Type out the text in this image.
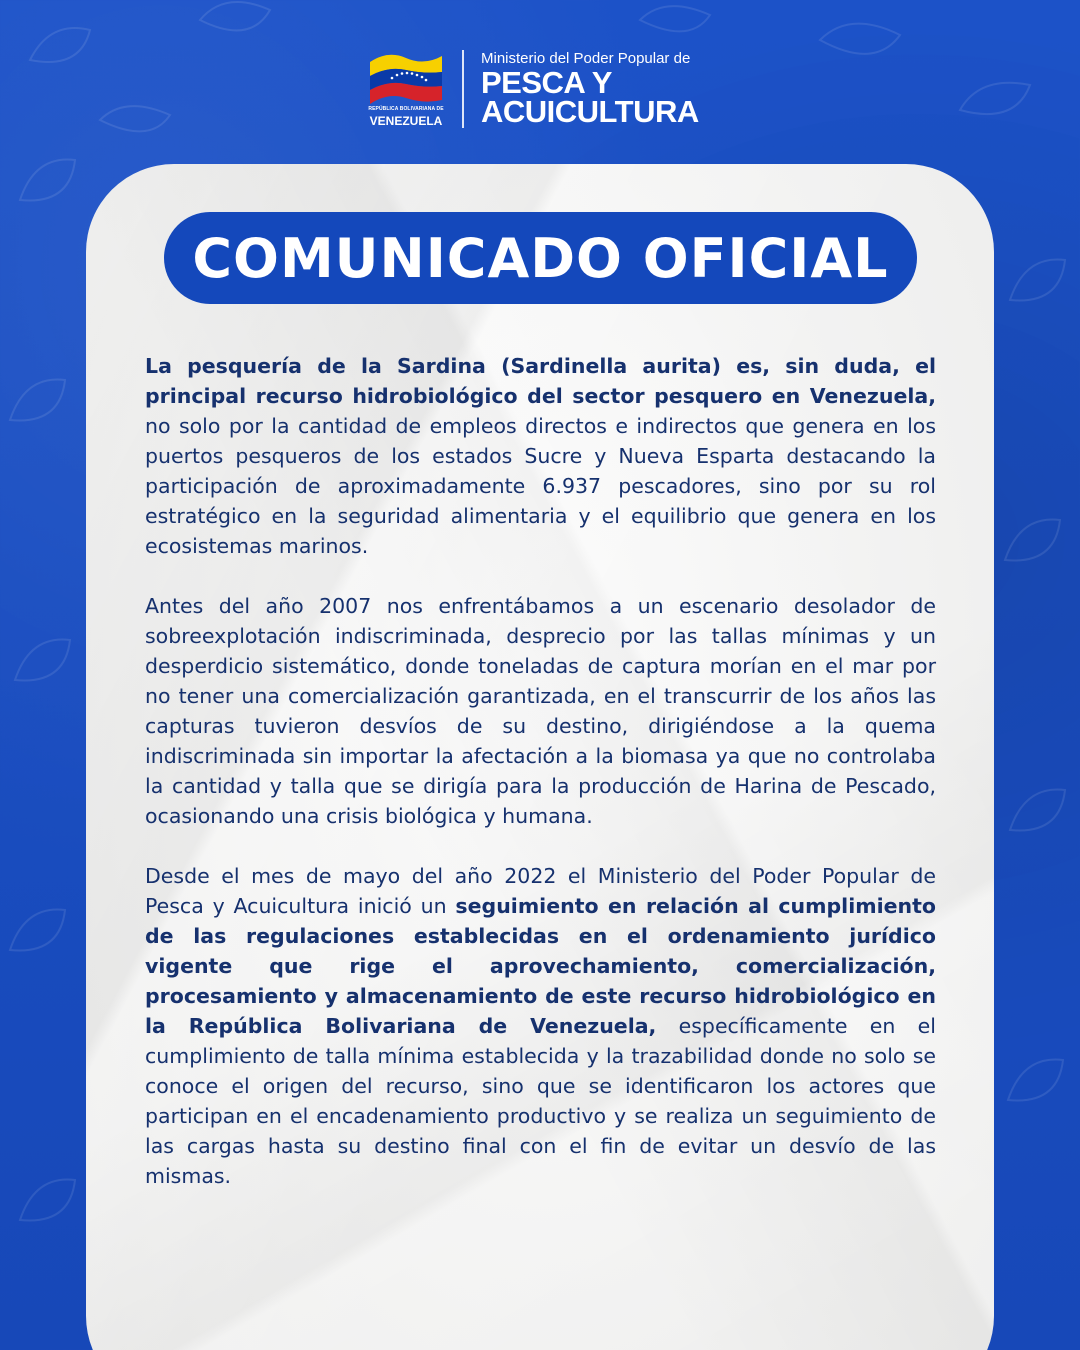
REPÚBLICA BOLIVARIANA DE
VENEZUELA
Ministerio del Poder Popular de
PESCA Y
ACUICULTURA
COMUNICADO OFICIAL

La pesquería de la Sardina (Sardinella aurita) es, sin duda, el principal recurso hidrobiológico del sector pesquero en Venezuela, no solo por la cantidad de empleos directos e indirectos que genera en los puertos pesqueros de los estados Sucre y Nueva Esparta destacando la participación de aproximadamente 6.937 pescadores, sino por su rol estratégico en la seguridad alimentaria y el equilibrio que genera en los ecosistemas marinos.

Antes del año 2007 nos enfrentábamos a un escenario desolador de sobreexplotación indiscriminada, desprecio por las tallas mínimas y un desperdicio sistemático, donde toneladas de captura morían en el mar por no tener una comercialización garantizada, en el transcurrir de los años las capturas tuvieron desvíos de su destino, dirigiéndose a la quema indiscriminada sin importar la afectación a la biomasa ya que no controlaba la cantidad y talla que se dirigía para la producción de Harina de Pescado, ocasionando una crisis biológica y humana.

Desde el mes de mayo del año 2022 el Ministerio del Poder Popular de Pesca y Acuicultura inició un seguimiento en relación al cumplimiento de las regulaciones establecidas en el ordenamiento jurídico vigente que rige el aprovechamiento, comercialización, procesamiento y almacenamiento de este recurso hidrobiológico en la República Bolivariana de Venezuela, específicamente en el cumplimiento de talla mínima establecida y la trazabilidad donde no solo se conoce el origen del recurso, sino que se identificaron los actores que participan en el encadenamiento productivo y se realiza un seguimiento de las cargas hasta su destino final con el fin de evitar un desvío de las mismas.
